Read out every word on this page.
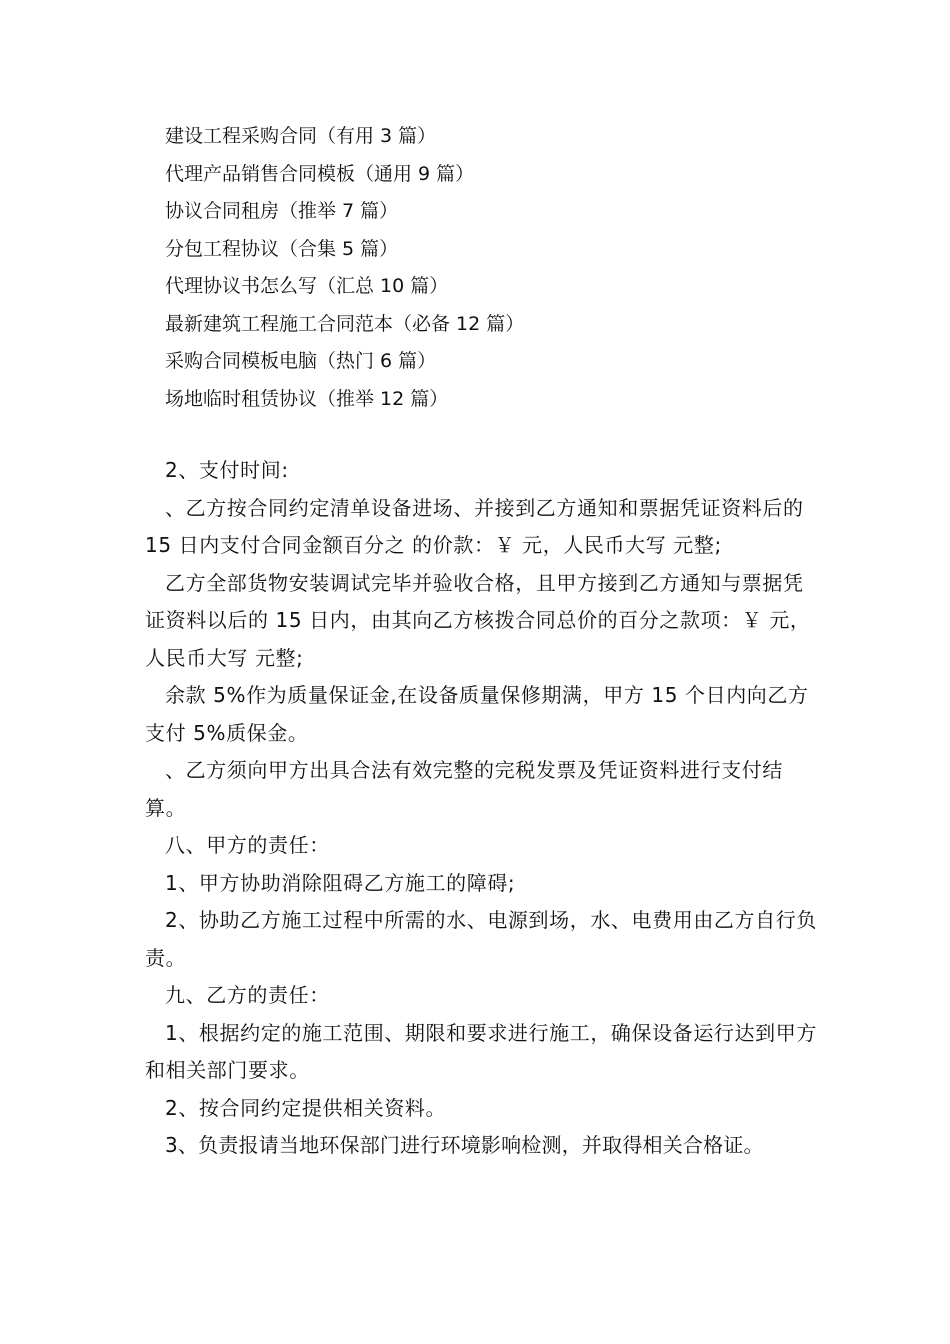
建设工程采购合同（有用 3 篇）
代理产品销售合同模板（通用 9 篇）
协议合同租房（推举 7 篇）
分包工程协议（合集 5 篇）
代理协议书怎么写（汇总 10 篇）
最新建筑工程施工合同范本（必备 12 篇）
采购合同模板电脑（热门 6 篇）
场地临时租赁协议（推举 12 篇）

2、支付时间:

、乙方按合同约定清单设备进场、并接到乙方通知和票据凭证资料后的 15 日内支付合同金额百分之 的价款：￥ 元，人民币大写 元整;

乙方全部货物安装调试完毕并验收合格，且甲方接到乙方通知与票据凭证资料以后的 15 日内，由其向乙方核拨合同总价的百分之款项：￥ 元，人民币大写 元整;

余款 5%作为质量保证金,在设备质量保修期满，甲方 15 个日内向乙方支付 5%质保金。

、乙方须向甲方出具合法有效完整的完税发票及凭证资料进行支付结算。

八、甲方的责任：

1、甲方协助消除阻碍乙方施工的障碍;

2、协助乙方施工过程中所需的水、电源到场，水、电费用由乙方自行负责。

九、乙方的责任：

1、根据约定的施工范围、期限和要求进行施工，确保设备运行达到甲方和相关部门要求。

2、按合同约定提供相关资料。

3、负责报请当地环保部门进行环境影响检测，并取得相关合格证。
